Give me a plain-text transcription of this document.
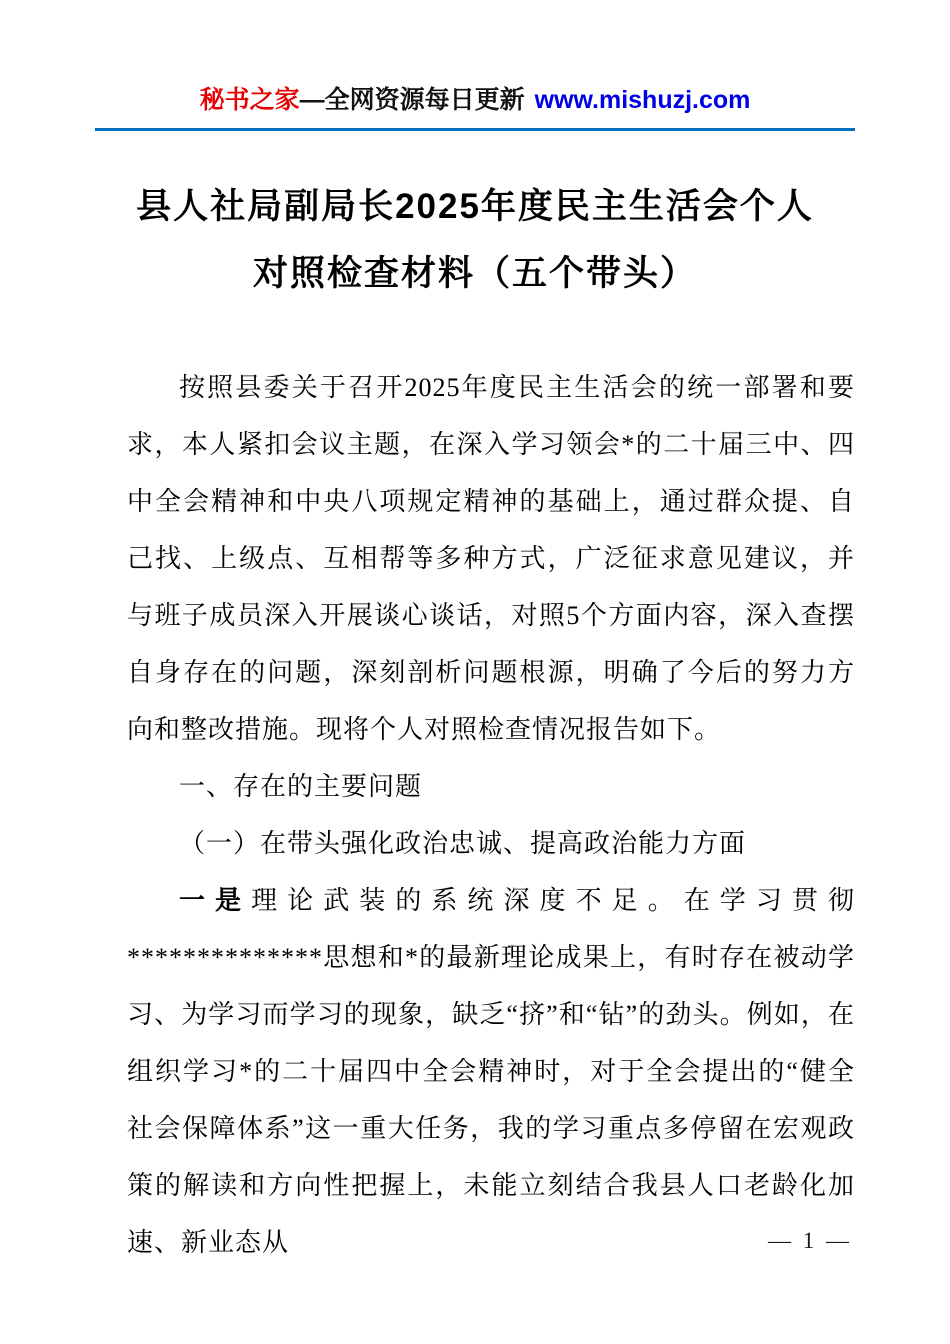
秘书之家—全网资源每日更新 www.mishuzj.com
县人社局副局长2025年度民主生活会个人
对照检查材料（五个带头）

按照县委关于召开2025年度民主生活会的统一部署和要求，本人紧扣会议主题，在深入学习领会*的二十届三中、四中全会精神和中央八项规定精神的基础上，通过群众提、自己找、上级点、互相帮等多种方式，广泛征求意见建议，并与班子成员深入开展谈心谈话，对照5个方面内容，深入查摆自身存在的问题，深刻剖析问题根源，明确了今后的努力方向和整改措施。现将个人对照检查情况报告如下。

一、存在的主要问题

（一）在带头强化政治忠诚、提高政治能力方面

一是理论武装的系统深度不足。在学习贯彻**************思想和*的最新理论成果上，有时存在被动学习、为学习而学习的现象，缺乏“挤”和“钻”的劲头。例如，在组织学习*的二十届四中全会精神时，对于全会提出的“健全社会保障体系”这一重大任务，我的学习重点多停留在宏观政策的解读和方向性把握上，未能立刻结合我县人口老龄化加速、新业态从	— 1 —
